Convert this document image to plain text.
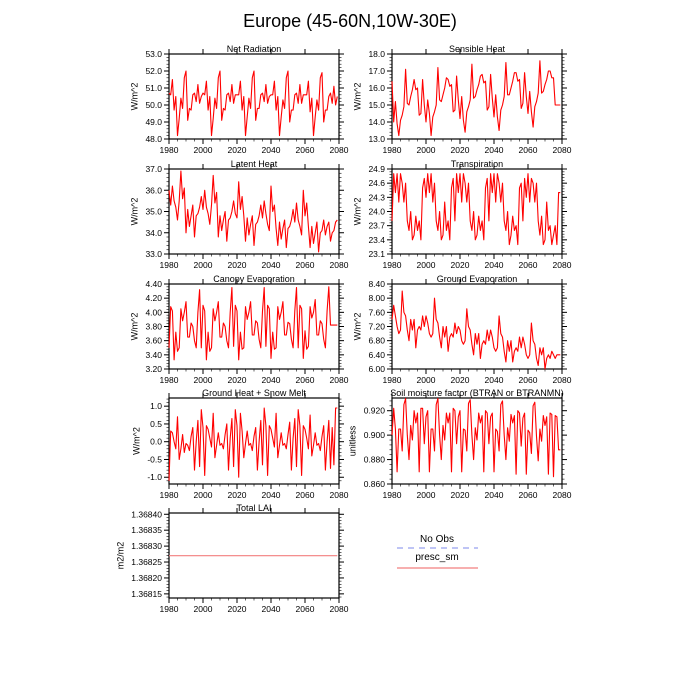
Europe (45-60N,10W-30E)
Net Radiation
1980 2000 2020 2040 2060 2080
48.0
49.0
50.0
51.0
52.0
53.0
W/m^2
Sensible Heat
1980 2000 2020 2040 2060 2080
13.0
14.0
15.0
16.0
17.0
18.0
W/m^2
Latent Heat
1980 2000 2020 2040 2060 2080
33.0
34.0
35.0
36.0
37.0
W/m^2
Transpiration
1980 2000 2020 2040 2060 2080
23.1
23.4
23.7
24.0
24.3
24.6
24.9
W/m^2
Canopy Evaporation
1980 2000 2020 2040 2060 2080
3.20
3.40
3.60
3.80
4.00
4.20
4.40
W/m^2
Ground Evaporation
1980 2000 2020 2040 2060 2080
6.00
6.40
6.80
7.20
7.60
8.00
8.40
W/m^2
Ground Heat + Snow Melt
1980 2000 2020 2040 2060 2080
-1.0
-0.5
0.0
0.5
1.0
W/m^2
Soil moisture factor (BTRAN or BTRANMN)
1980 2000 2020 2040 2060 2080
0.860
0.880
0.900
0.920
unitless
Total LAI
1980 2000 2020 2040 2060 2080
1.36815
1.36820
1.36825
1.36830
1.36835
1.36840
m2/m2
No Obs
presc_sm
